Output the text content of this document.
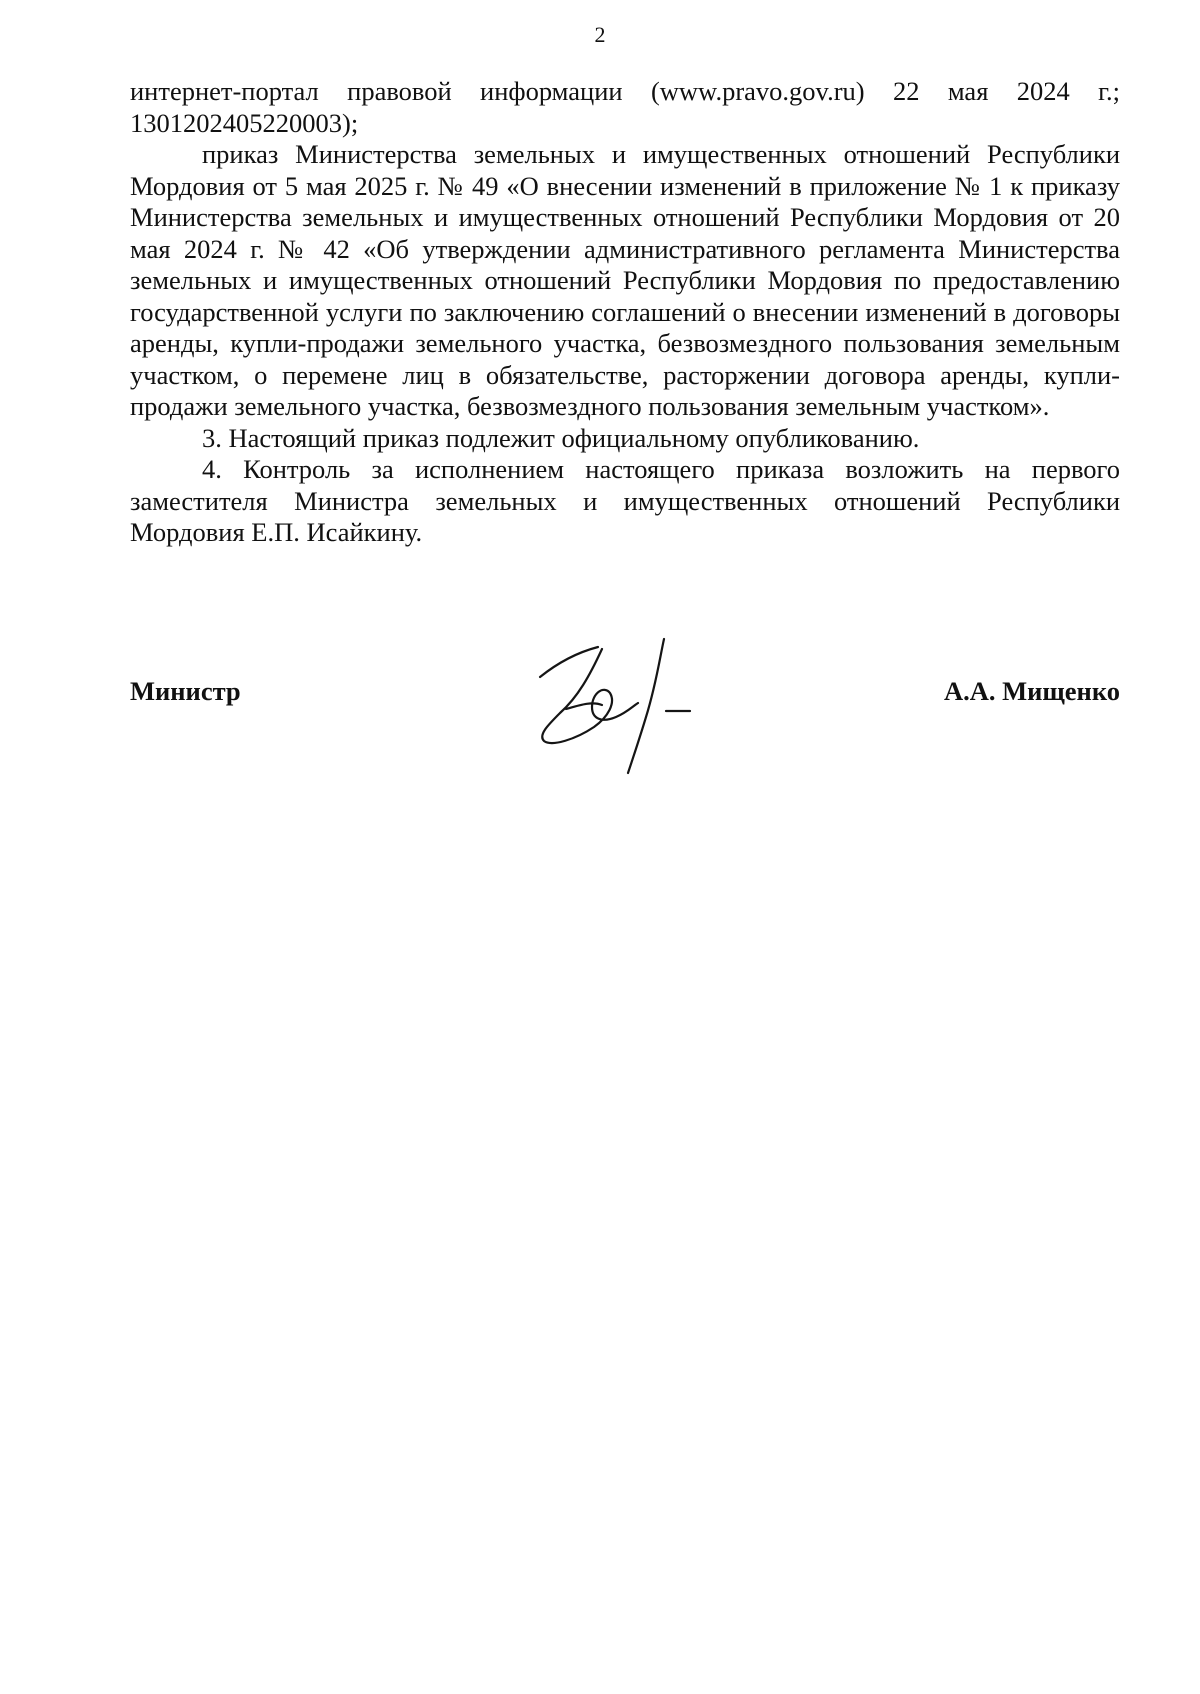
2

интернет-портал правовой информации (www.pravo.gov.ru) 22 мая 2024 г.; 1301202405220003);

приказ Министерства земельных и имущественных отношений Республики Мордовия от 5 мая 2025 г. № 49 «О внесении изменений в приложение № 1 к приказу Министерства земельных и имущественных отношений Республики Мордовия от 20 мая 2024 г. № 42 «Об утверждении административного регламента Министерства земельных и имущественных отношений Республики Мордовия по предоставлению государственной услуги по заключению соглашений о внесении изменений в договоры аренды, купли-продажи земельного участка, безвозмездного пользования земельным участком, о перемене лиц в обязательстве, расторжении договора аренды, купли-продажи земельного участка, безвозмездного пользования земельным участком».

3. Настоящий приказ подлежит официальному опубликованию.

4. Контроль за исполнением настоящего приказа возложить на первого заместителя Министра земельных и имущественных отношений Республики Мордовия Е.П. Исайкину.

Министр	А.А. Мищенко
